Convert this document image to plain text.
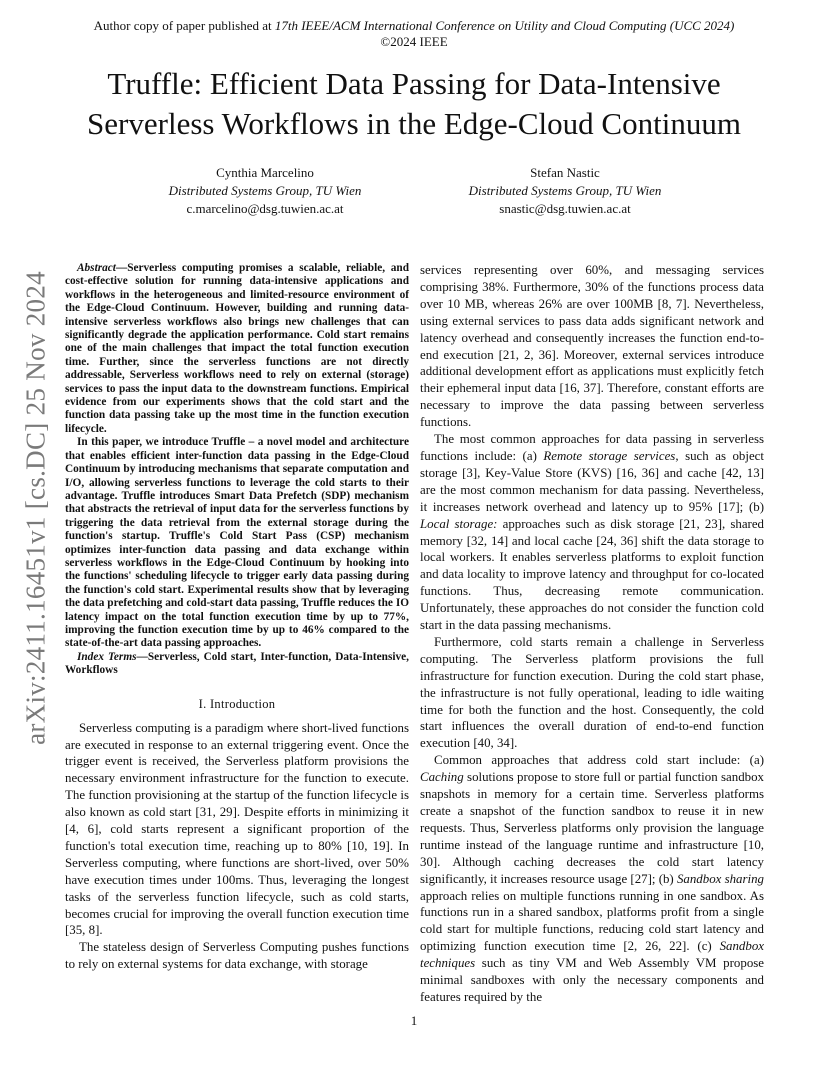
Author copy of paper published at 17th IEEE/ACM International Conference on Utility and Cloud Computing (UCC 2024)
©2024 IEEE
Truffle: Efficient Data Passing for Data-Intensive
Serverless Workflows in the Edge-Cloud Continuum
Cynthia Marcelino
Distributed Systems Group, TU Wien
c.marcelino@dsg.tuwien.ac.at
Stefan Nastic
Distributed Systems Group, TU Wien
snastic@dsg.tuwien.ac.at
arXiv:2411.16451v1 [cs.DC] 25 Nov 2024

Abstract—Serverless computing promises a scalable, reliable, and cost-effective solution for running data-intensive applications and workflows in the heterogeneous and limited-resource environment of the Edge-Cloud Continuum. However, building and running data-intensive serverless workflows also brings new challenges that can significantly degrade the application performance. Cold start remains one of the main challenges that impact the total function execution time. Further, since the serverless functions are not directly addressable, Serverless workflows need to rely on external (storage) services to pass the input data to the downstream functions. Empirical evidence from our experiments shows that the cold start and the function data passing take up the most time in the function execution lifecycle.

In this paper, we introduce Truffle – a novel model and architecture that enables efficient inter-function data passing in the Edge-Cloud Continuum by introducing mechanisms that separate computation and I/O, allowing serverless functions to leverage the cold starts to their advantage. Truffle introduces Smart Data Prefetch (SDP) mechanism that abstracts the retrieval of input data for the serverless functions by triggering the data retrieval from the external storage during the function's startup. Truffle's Cold Start Pass (CSP) mechanism optimizes inter-function data passing and data exchange within serverless workflows in the Edge-Cloud Continuum by hooking into the functions' scheduling lifecycle to trigger early data passing during the function's cold start. Experimental results show that by leveraging the data prefetching and cold-start data passing, Truffle reduces the IO latency impact on the total function execution time by up to 77%, improving the function execution time by up to 46% compared to the state-of-the-art data passing approaches.

Index Terms—Serverless, Cold start, Inter-function, Data-Intensive, Workflows

I. Introduction

Serverless computing is a paradigm where short-lived functions are executed in response to an external triggering event. Once the trigger event is received, the Serverless platform provisions the necessary environment infrastructure for the function to execute. The function provisioning at the startup of the function lifecycle is also known as cold start [31, 29]. Despite efforts in minimizing it [4, 6], cold starts represent a significant proportion of the function's total execution time, reaching up to 80% [10, 19]. In Serverless computing, where functions are short-lived, over 50% have execution times under 100ms. Thus, leveraging the longest tasks of the serverless function lifecycle, such as cold starts, becomes crucial for improving the overall function execution time [35, 8].

The stateless design of Serverless Computing pushes functions to rely on external systems for data exchange, with storage

services representing over 60%, and messaging services comprising 38%. Furthermore, 30% of the functions process data over 10 MB, whereas 26% are over 100MB [8, 7]. Nevertheless, using external services to pass data adds significant network and latency overhead and consequently increases the function end-to-end execution [21, 2, 36]. Moreover, external services introduce additional development effort as applications must explicitly fetch their ephemeral input data [16, 37]. Therefore, constant efforts are necessary to improve the data passing between serverless functions.

The most common approaches for data passing in serverless functions include: (a) Remote storage services, such as object storage [3], Key-Value Store (KVS) [16, 36] and cache [42, 13] are the most common mechanism for data passing. Nevertheless, it increases network overhead and latency up to 95% [17]; (b) Local storage: approaches such as disk storage [21, 23], shared memory [32, 14] and local cache [24, 36] shift the data storage to local workers. It enables serverless platforms to exploit function and data locality to improve latency and throughput for co-located functions. Thus, decreasing remote communication. Unfortunately, these approaches do not consider the function cold start in the data passing mechanisms.

Furthermore, cold starts remain a challenge in Serverless computing. The Serverless platform provisions the full infrastructure for function execution. During the cold start phase, the infrastructure is not fully operational, leading to idle waiting time for both the function and the host. Consequently, the cold start influences the overall duration of end-to-end function execution [40, 34].

Common approaches that address cold start include: (a) Caching solutions propose to store full or partial function sandbox snapshots in memory for a certain time. Serverless platforms create a snapshot of the function sandbox to reuse it in new requests. Thus, Serverless platforms only provision the language runtime instead of the language runtime and infrastructure [10, 30]. Although caching decreases the cold start latency significantly, it increases resource usage [27]; (b) Sandbox sharing approach relies on multiple functions running in one sandbox. As functions run in a shared sandbox, platforms profit from a single cold start for multiple functions, reducing cold start latency and optimizing function execution time [2, 26, 22]. (c) Sandbox techniques such as tiny VM and Web Assembly VM propose minimal sandboxes with only the necessary components and features required by the

1
